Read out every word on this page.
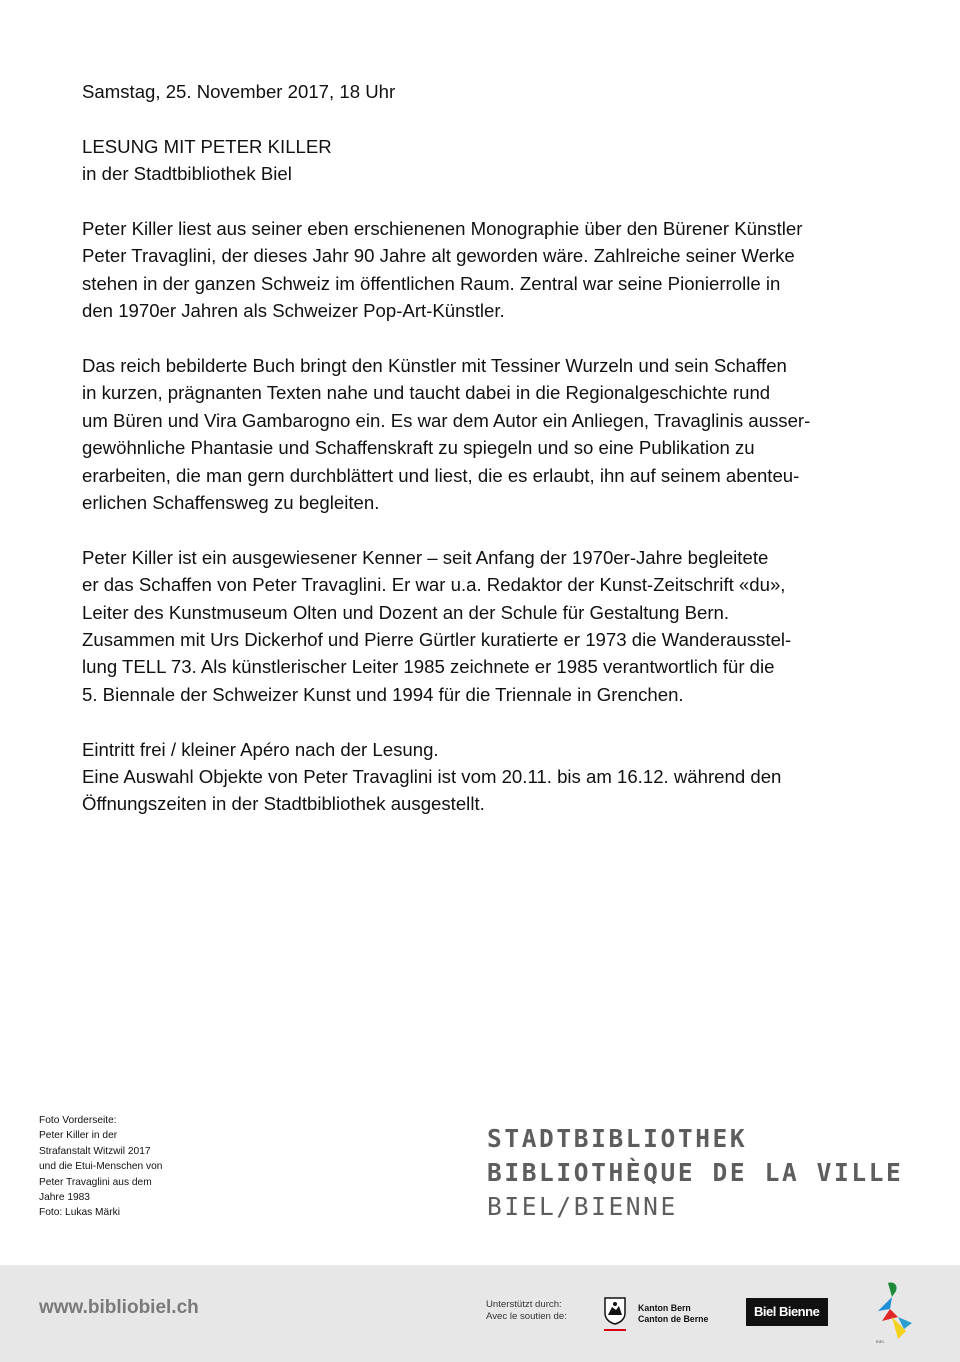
Samstag, 25. November 2017, 18 Uhr
LESUNG MIT PETER KILLER
in der Stadtbibliothek Biel
Peter Killer liest aus seiner eben erschienenen Monographie über den Bürener Künstler
Peter Travaglini, der dieses Jahr 90 Jahre alt geworden wäre. Zahlreiche seiner Werke
stehen in der ganzen Schweiz im öffentlichen Raum. Zentral war seine Pionierrolle in
den 1970er Jahren als Schweizer Pop-Art-Künstler.
Das reich bebilderte Buch bringt den Künstler mit Tessiner Wurzeln und sein Schaffen
in kurzen, prägnanten Texten nahe und taucht dabei in die Regionalgeschichte rund
um Büren und Vira Gambarogno ein. Es war dem Autor ein Anliegen, Travaglinis ausser-
gewöhnliche Phantasie und Schaffenskraft zu spiegeln und so eine Publikation zu
erarbeiten, die man gern durchblättert und liest, die es erlaubt, ihn auf seinem abenteu-
erlichen Schaffensweg zu begleiten.
Peter Killer ist ein ausgewiesener Kenner – seit Anfang der 1970er-Jahre begleitete
er das Schaffen von Peter Travaglini. Er war u.a. Redaktor der Kunst-Zeitschrift «du»,
Leiter des Kunstmuseum Olten und Dozent an der Schule für Gestaltung Bern.
Zusammen mit Urs Dickerhof und Pierre Gürtler kuratierte er 1973 die Wanderausstel-
lung TELL 73. Als künstlerischer Leiter 1985 zeichnete er 1985 verantwortlich für die
5. Biennale der Schweizer Kunst und 1994 für die Triennale in Grenchen.
Eintritt frei / kleiner Apéro nach der Lesung.
Eine Auswahl Objekte von Peter Travaglini ist vom 20.11. bis am 16.12. während den
Öffnungszeiten in der Stadtbibliothek ausgestellt.
Foto Vorderseite:
Peter Killer in der
Strafanstalt Witzwil 2017
und die Etui-Menschen von
Peter Travaglini aus dem
Jahre 1983
Foto: Lukas Märki
STADTBIBLIOTHEK
BIBLIOTHÈQUE DE LA VILLE
BIEL/BIENNE
www.bibliobiel.ch	Unterstützt durch:
Avec le soutien de:
Kanton Bern
Canton de Berne	Biel Bienne
BIEL
